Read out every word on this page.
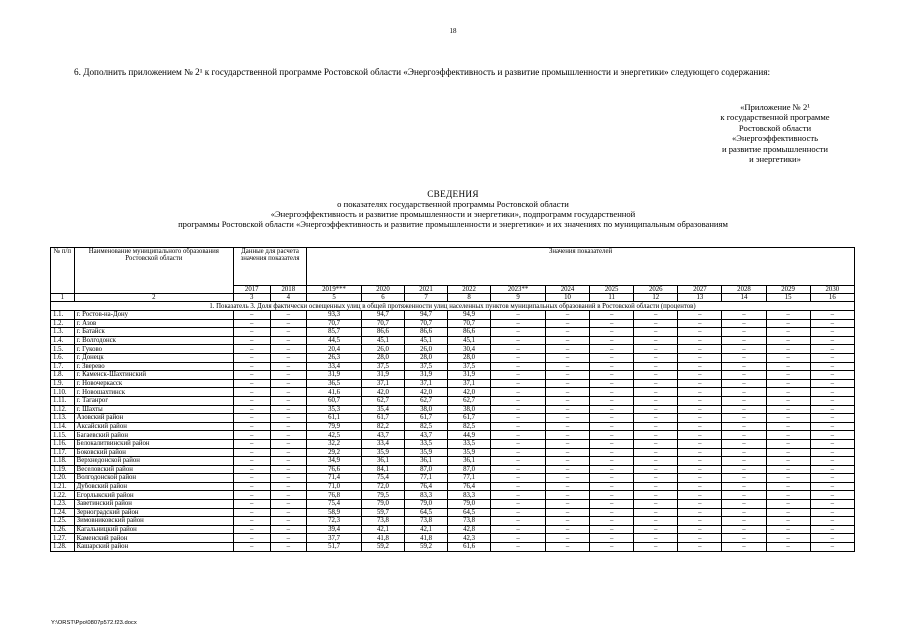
18
6. Дополнить приложением № 2¹ к государственной программе Ростовской области «Энергоэффективность и развитие промышленности и энергетики» следующего содержания:
«Приложение № 2¹
к государственной программе
Ростовской области
«Энергоэффективность
и развитие промышленности
и энергетики»
СВЕДЕНИЯ
о показателях государственной программы Ростовской области
«Энергоэффективность и развитие промышленности и энергетики», подпрограмм государственной
программы Ростовской области «Энергоэффективность и развитие промышленности и энергетики» и их значениях по муниципальным образованиям
№ п/п	Наименование муниципального образования Ростовской области	Данные для расчета значения показателя		Значения показателей											
		2017	2018	2019***	2020	2021	2022	2023**	2024	2025	2026	2027	2028	2029	2030
1	2	3	4	5	6	7	8	9	10	11	12	13	14	15	16
1. Показатель 3. Доля фактически освещенных улиц в общей протяженности улиц населенных пунктов муниципальных образований в Ростовской области (процентов)															
1.1.	г. Ростов-на-Дону	–	–	93,3	94,7	94,7	94,9	–	–	–	–	–	–	–	–
1.2.	г. Азов	–	–	70,7	70,7	70,7	70,7	–	–	–	–	–	–	–	–
1.3.	г. Батайск	–	–	85,7	86,6	86,6	86,6	–	–	–	–	–	–	–	–
1.4.	г. Волгодонск	–	–	44,5	45,1	45,1	45,1	–	–	–	–	–	–	–	–
1.5.	г. Гуково	–	–	20,4	26,0	26,0	30,4	–	–	–	–	–	–	–	–
1.6.	г. Донецк	–	–	26,3	28,0	28,0	28,0	–	–	–	–	–	–	–	–
1.7.	г. Зверево	–	–	33,4	37,5	37,5	37,5	–	–	–	–	–	–	–	–
1.8.	г. Каменск-Шахтинский	–	–	31,9	31,9	31,9	31,9	–	–	–	–	–	–	–	–
1.9.	г. Новочеркасск	–	–	36,5	37,1	37,1	37,1	–	–	–	–	–	–	–	–
1.10.	г. Новошахтинск	–	–	41,6	42,0	42,0	42,0	–	–	–	–	–	–	–	–
1.11.	г. Таганрог	–	–	60,7	62,7	62,7	62,7	–	–	–	–	–	–	–	–
1.12.	г. Шахты	–	–	35,3	35,4	38,0	38,0	–	–	–	–	–	–	–	–
1.13.	Азовский район	–	–	61,1	61,7	61,7	61,7	–	–	–	–	–	–	–	–
1.14.	Аксайский район	–	–	79,9	82,2	82,5	82,5	–	–	–	–	–	–	–	–
1.15.	Багаевский район	–	–	42,5	43,7	43,7	44,9	–	–	–	–	–	–	–	–
1.16.	Белокалитвинский район	–	–	32,2	33,4	33,5	33,5	–	–	–	–	–	–	–	–
1.17.	Боковский район	–	–	29,2	35,9	35,9	35,9	–	–	–	–	–	–	–	–
1.18.	Верхнедонской район	–	–	34,9	36,1	36,1	36,1	–	–	–	–	–	–	–	–
1.19.	Веселовский район	–	–	76,6	84,1	87,0	87,0	–	–	–	–	–	–	–	–
1.20.	Волгодонской район	–	–	71,4	75,4	77,1	77,1	–	–	–	–	–	–	–	–
1.21.	Дубовский район	–	–	71,0	72,0	76,4	76,4	–	–	–	–	–	–	–	–
1.22.	Егорлыкский район	–	–	76,8	79,5	83,3	83,3	–	–	–	–	–	–	–	–
1.23.	Заветинский район	–	–	75,4	79,0	79,0	79,0	–	–	–	–	–	–	–	–
1.24.	Зерноградский район	–	–	58,9	59,7	64,5	64,5	–	–	–	–	–	–	–	–
1.25.	Зимовниковский район	–	–	72,3	73,8	73,8	73,8	–	–	–	–	–	–	–	–
1.26.	Кагальницкий район	–	–	39,4	42,1	42,1	42,8	–	–	–	–	–	–	–	–
1.27.	Каменский район	–	–	37,7	41,8	41,8	42,3	–	–	–	–	–	–	–	–
1.28.	Кашарский район	–	–	51,7	59,2	59,2	61,6	–	–	–	–	–	–	–	–
Y:\ORST\Ppo\0807p572.f23.docx
